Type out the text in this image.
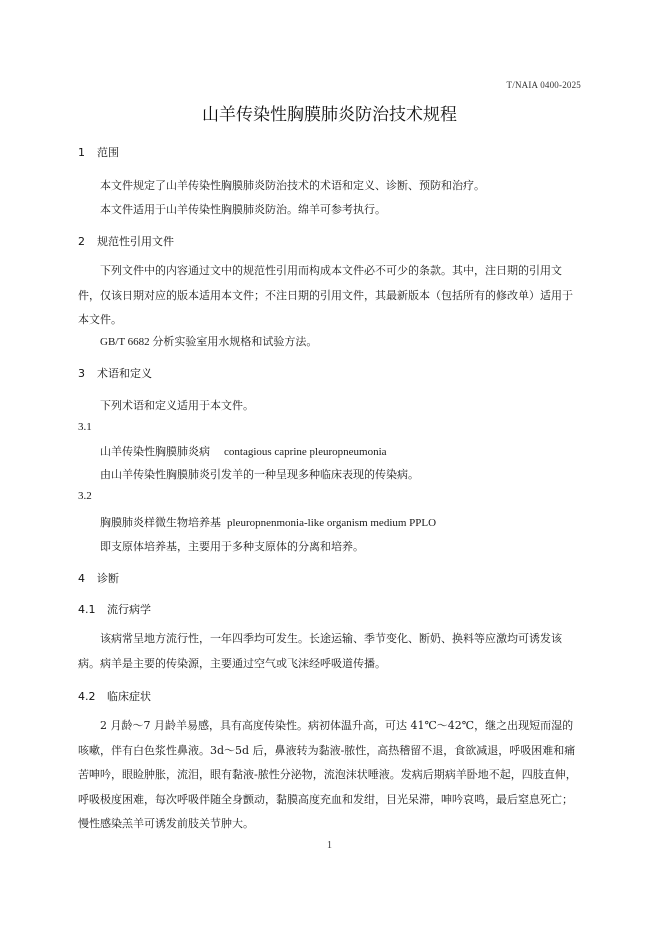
T/NAIA 0400-2025
山羊传染性胸膜肺炎防治技术规程
1 范围
本文件规定了山羊传染性胸膜肺炎防治技术的术语和定义、诊断、预防和治疗。
本文件适用于山羊传染性胸膜肺炎防治。绵羊可参考执行。
2 规范性引用文件
下列文件中的内容通过文中的规范性引用而构成本文件必不可少的条款。其中，注日期的引用文件，仅该日期对应的版本适用本文件；不注日期的引用文件，其最新版本（包括所有的修改单）适用于本文件。
GB/T 6682 分析实验室用水规格和试验方法。
3 术语和定义
下列术语和定义适用于本文件。
3.1
山羊传染性胸膜肺炎病 contagious caprine pleuropneumonia
由山羊传染性胸膜肺炎引发羊的一种呈现多种临床表现的传染病。
3.2
胸膜肺炎样微生物培养基 pleuropnenmonia-like organism medium PPLO
即支原体培养基，主要用于多种支原体的分离和培养。
4 诊断
4.1 流行病学
该病常呈地方流行性，一年四季均可发生。长途运输、季节变化、断奶、换料等应激均可诱发该病。病羊是主要的传染源，主要通过空气或飞沫经呼吸道传播。
4.2 临床症状
2 月龄～7 月龄羊易感，具有高度传染性。病初体温升高，可达 41℃～42℃，继之出现短而湿的咳嗽，伴有白色浆性鼻液。3d～5d 后，鼻液转为黏液-脓性，高热稽留不退，食欲减退，呼吸困难和痛苦呻吟，眼睑肿胀，流泪，眼有黏液-脓性分泌物，流泡沫状唾液。发病后期病羊卧地不起，四肢直伸，呼吸极度困难，每次呼吸伴随全身颤动，黏膜高度充血和发绀，目光呆滞，呻吟哀鸣，最后窒息死亡；慢性感染羔羊可诱发前肢关节肿大。
1
